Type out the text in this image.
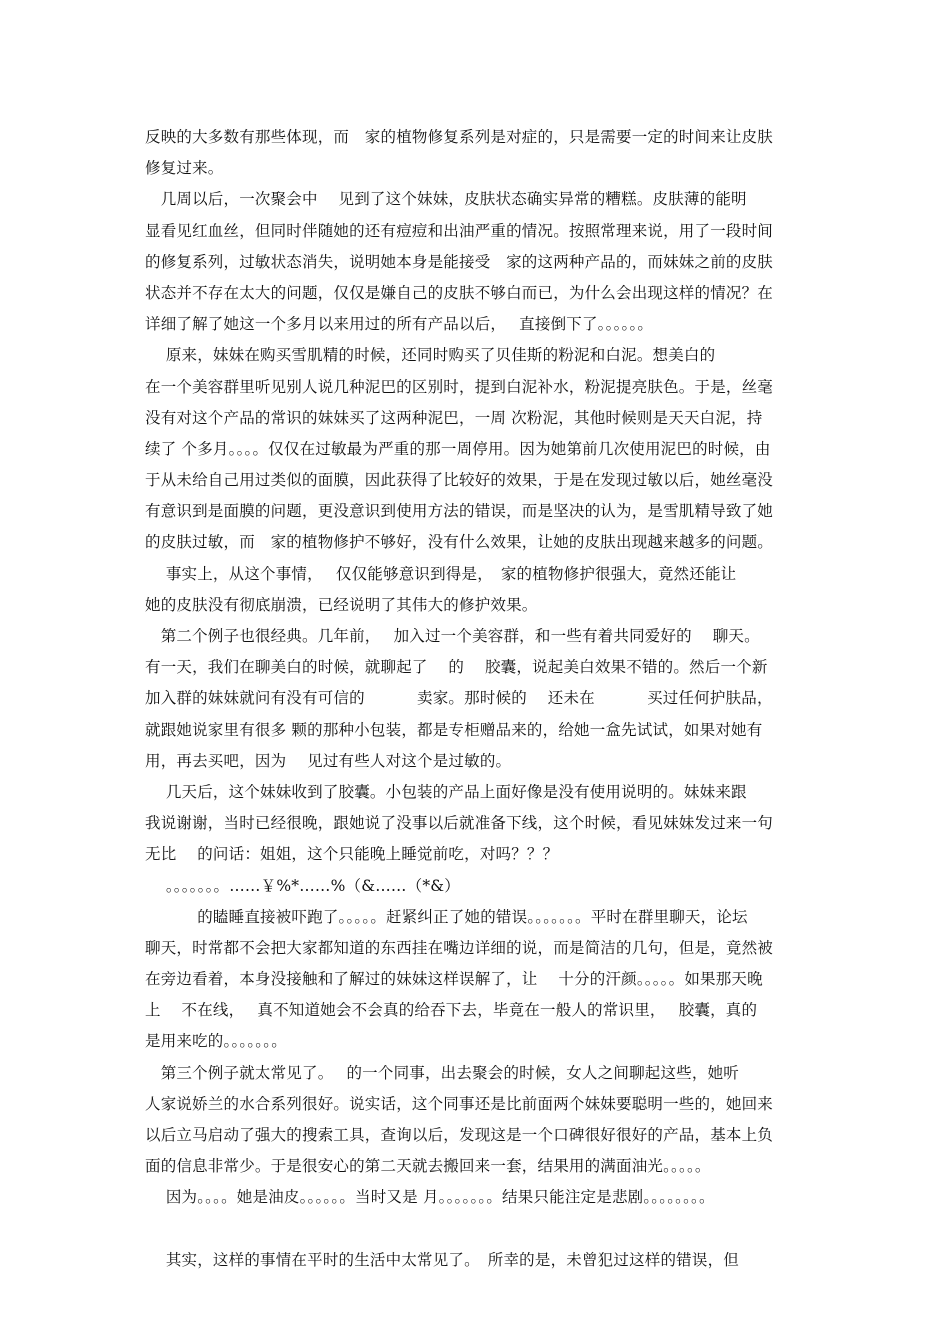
反映的大多数有那些体现，而　家的植物修复系列是对症的，只是需要一定的时间来让皮肤
修复过来。
　几周以后，一次聚会中　 见到了这个妹妹，皮肤状态确实异常的糟糕。皮肤薄的能明
显看见红血丝，但同时伴随她的还有痘痘和出油严重的情况。按照常理来说，用了一段时间
的修复系列，过敏状态消失，说明她本身是能接受　家的这两种产品的，而妹妹之前的皮肤
状态并不存在太大的问题，仅仅是嫌自己的皮肤不够白而已，为什么会出现这样的情况？在
详细了解了她这一个多月以来用过的所有产品以后，　 直接倒下了。。。。。。
　 原来，妹妹在购买雪肌精的时候，还同时购买了贝佳斯的粉泥和白泥。想美白的
在一个美容群里听见别人说几种泥巴的区别时，提到白泥补水，粉泥提亮肤色。于是，丝毫
没有对这个产品的常识的妹妹买了这两种泥巴，一周 次粉泥，其他时候则是天天白泥，持
续了 个多月。。。。仅仅在过敏最为严重的那一周停用。因为她第前几次使用泥巴的时候，由
于从未给自己用过类似的面膜，因此获得了比较好的效果，于是在发现过敏以后，她丝毫没
有意识到是面膜的问题，更没意识到使用方法的错误，而是坚决的认为，是雪肌精导致了她
的皮肤过敏，而　家的植物修护不够好，没有什么效果，让她的皮肤出现越来越多的问题。
　 事实上，从这个事情，　 仅仅能够意识到得是，　家的植物修护很强大，竟然还能让
她的皮肤没有彻底崩溃，已经说明了其伟大的修护效果。
　第二个例子也很经典。几年前，　 加入过一个美容群，和一些有着共同爱好的　 聊天。
有一天，我们在聊美白的时候，就聊起了　 的　 胶囊，说起美白效果不错的。然后一个新
加入群的妹妹就问有没有可信的　　　 卖家。那时候的　 还未在　　　 买过任何护肤品，
就跟她说家里有很多 颗的那种小包装，都是专柜赠品来的，给她一盒先试试，如果对她有
用，再去买吧，因为　 见过有些人对这个是过敏的。
　 几天后，这个妹妹收到了胶囊。小包装的产品上面好像是没有使用说明的。妹妹来跟
我说谢谢，当时已经很晚，跟她说了没事以后就准备下线，这个时候，看见妹妹发过来一句
无比　 的问话：姐姐，这个只能晚上睡觉前吃，对吗？？？
　 。。。。。。。……￥%*……%（&……（*&）
　　　 的瞌睡直接被吓跑了。。。。。赶紧纠正了她的错误。。。。。。。平时在群里聊天，论坛
聊天，时常都不会把大家都知道的东西挂在嘴边详细的说，而是简洁的几句，但是，竟然被
在旁边看着，本身没接触和了解过的妹妹这样误解了，让　 十分的汗颜。。。。。如果那天晚
上　 不在线，　 真不知道她会不会真的给吞下去，毕竟在一般人的常识里，　 胶囊，真的
是用来吃的。。。。。。。
　第三个例子就太常见了。　 的一个同事，出去聚会的时候，女人之间聊起这些，她听
人家说娇兰的水合系列很好。说实话，这个同事还是比前面两个妹妹要聪明一些的，她回来
以后立马启动了强大的搜索工具，查询以后，发现这是一个口碑很好很好的产品，基本上负
面的信息非常少。于是很安心的第二天就去搬回来一套，结果用的满面油光。。。。。
　 因为。。。。她是油皮。。。。。。当时又是 月。。。。。。。结果只能注定是悲剧。。。。。。。。
　 其实，这样的事情在平时的生活中太常见了。　所幸的是，未曾犯过这样的错误，但
